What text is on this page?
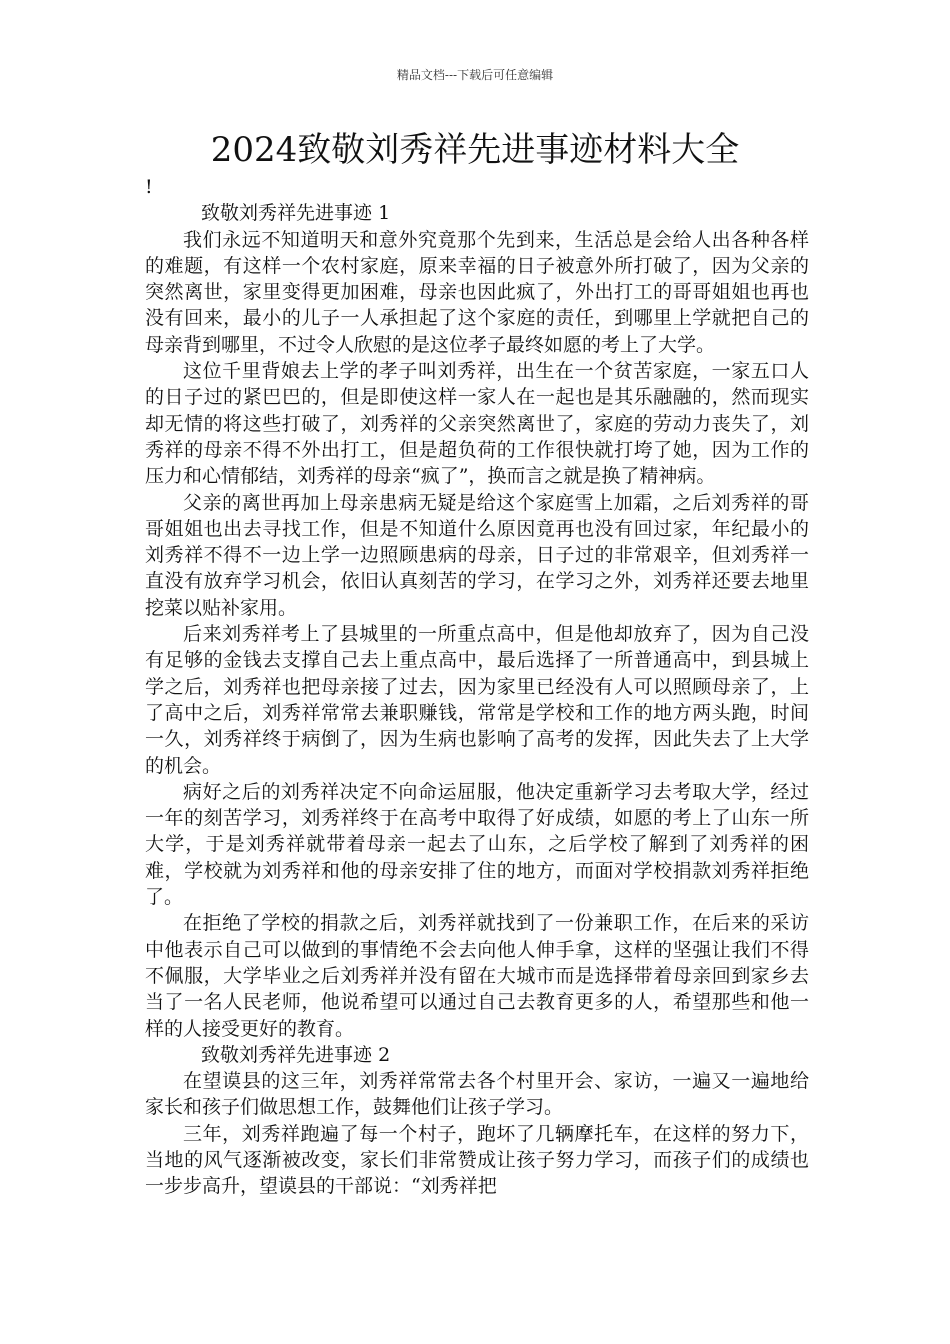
精品文档---下载后可任意编辑
2024致敬刘秀祥先进事迹材料大全

!

致敬刘秀祥先进事迹 1

我们永远不知道明天和意外究竟那个先到来，生活总是会给人出各种各样的难题，有这样一个农村家庭，原来幸福的日子被意外所打破了，因为父亲的突然离世，家里变得更加困难，母亲也因此疯了，外出打工的哥哥姐姐也再也没有回来，最小的儿子一人承担起了这个家庭的责任，到哪里上学就把自己的母亲背到哪里，不过令人欣慰的是这位孝子最终如愿的考上了大学。

这位千里背娘去上学的孝子叫刘秀祥，出生在一个贫苦家庭，一家五口人的日子过的紧巴巴的，但是即使这样一家人在一起也是其乐融融的，然而现实却无情的将这些打破了，刘秀祥的父亲突然离世了，家庭的劳动力丧失了，刘秀祥的母亲不得不外出打工，但是超负荷的工作很快就打垮了她，因为工作的压力和心情郁结，刘秀祥的母亲“疯了”，换而言之就是换了精神病。

父亲的离世再加上母亲患病无疑是给这个家庭雪上加霜，之后刘秀祥的哥哥姐姐也出去寻找工作，但是不知道什么原因竟再也没有回过家，年纪最小的刘秀祥不得不一边上学一边照顾患病的母亲，日子过的非常艰辛，但刘秀祥一直没有放弃学习机会，依旧认真刻苦的学习，在学习之外，刘秀祥还要去地里挖菜以贴补家用。

后来刘秀祥考上了县城里的一所重点高中，但是他却放弃了，因为自己没有足够的金钱去支撑自己去上重点高中，最后选择了一所普通高中，到县城上学之后，刘秀祥也把母亲接了过去，因为家里已经没有人可以照顾母亲了，上了高中之后，刘秀祥常常去兼职赚钱，常常是学校和工作的地方两头跑，时间一久，刘秀祥终于病倒了，因为生病也影响了高考的发挥，因此失去了上大学的机会。

病好之后的刘秀祥决定不向命运屈服，他决定重新学习去考取大学，经过一年的刻苦学习，刘秀祥终于在高考中取得了好成绩，如愿的考上了山东一所大学，于是刘秀祥就带着母亲一起去了山东，之后学校了解到了刘秀祥的困难，学校就为刘秀祥和他的母亲安排了住的地方，而面对学校捐款刘秀祥拒绝了。

在拒绝了学校的捐款之后，刘秀祥就找到了一份兼职工作，在后来的采访中他表示自己可以做到的事情绝不会去向他人伸手拿，这样的坚强让我们不得不佩服，大学毕业之后刘秀祥并没有留在大城市而是选择带着母亲回到家乡去当了一名人民老师，他说希望可以通过自己去教育更多的人，希望那些和他一样的人接受更好的教育。

致敬刘秀祥先进事迹 2

在望谟县的这三年，刘秀祥常常去各个村里开会、家访，一遍又一遍地给家长和孩子们做思想工作，鼓舞他们让孩子学习。

三年，刘秀祥跑遍了每一个村子，跑坏了几辆摩托车，在这样的努力下，当地的风气逐渐被改变，家长们非常赞成让孩子努力学习，而孩子们的成绩也一步步高升，望谟县的干部说：“刘秀祥把
